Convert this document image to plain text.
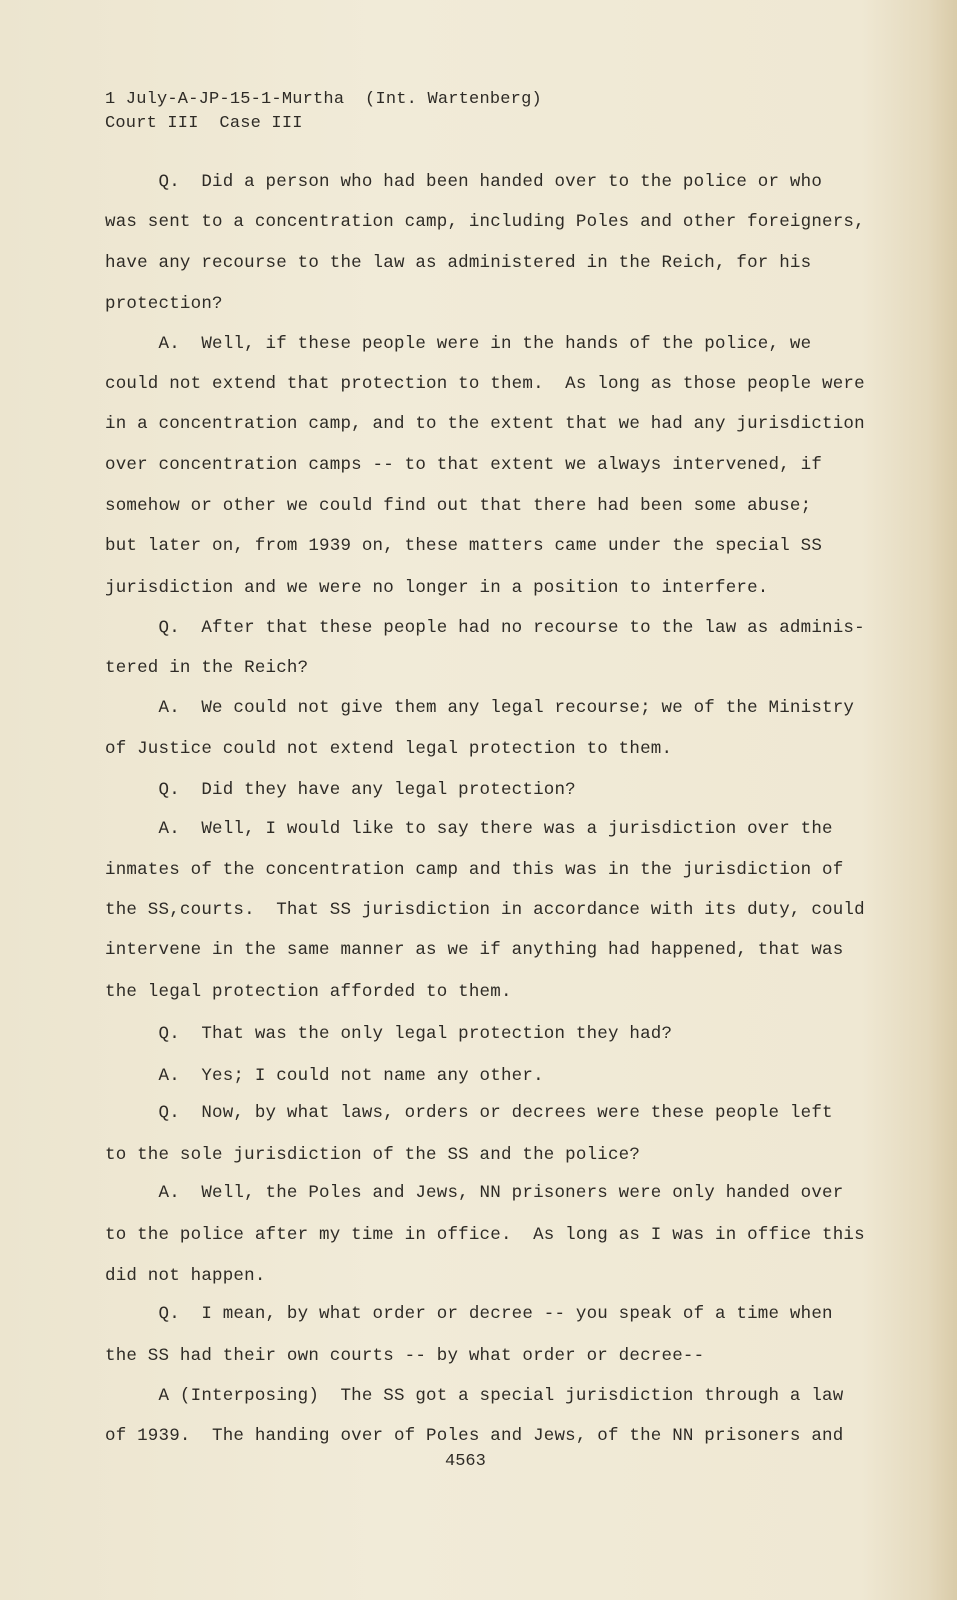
1 July-A-JP-15-1-Murtha  (Int. Wartenberg)
Court III  Case III
Q.  Did a person who had been handed over to the police or who
was sent to a concentration camp, including Poles and other foreigners,
have any recourse to the law as administered in the Reich, for his
protection?
A.  Well, if these people were in the hands of the police, we
could not extend that protection to them.  As long as those people were
in a concentration camp, and to the extent that we had any jurisdiction
over concentration camps -- to that extent we always intervened, if
somehow or other we could find out that there had been some abuse;
but later on, from 1939 on, these matters came under the special SS
jurisdiction and we were no longer in a position to interfere.
Q.  After that these people had no recourse to the law as adminis-
tered in the Reich?
A.  We could not give them any legal recourse; we of the Ministry
of Justice could not extend legal protection to them.
Q.  Did they have any legal protection?
A.  Well, I would like to say there was a jurisdiction over the
inmates of the concentration camp and this was in the jurisdiction of
the SS,courts.  That SS jurisdiction in accordance with its duty, could
intervene in the same manner as we if anything had happened, that was
the legal protection afforded to them.
Q.  That was the only legal protection they had?
A.  Yes; I could not name any other.
Q.  Now, by what laws, orders or decrees were these people left
to the sole jurisdiction of the SS and the police?
A.  Well, the Poles and Jews, NN prisoners were only handed over
to the police after my time in office.  As long as I was in office this
did not happen.
Q.  I mean, by what order or decree -- you speak of a time when
the SS had their own courts -- by what order or decree--
A (Interposing)  The SS got a special jurisdiction through a law
of 1939.  The handing over of Poles and Jews, of the NN prisoners and
4563
